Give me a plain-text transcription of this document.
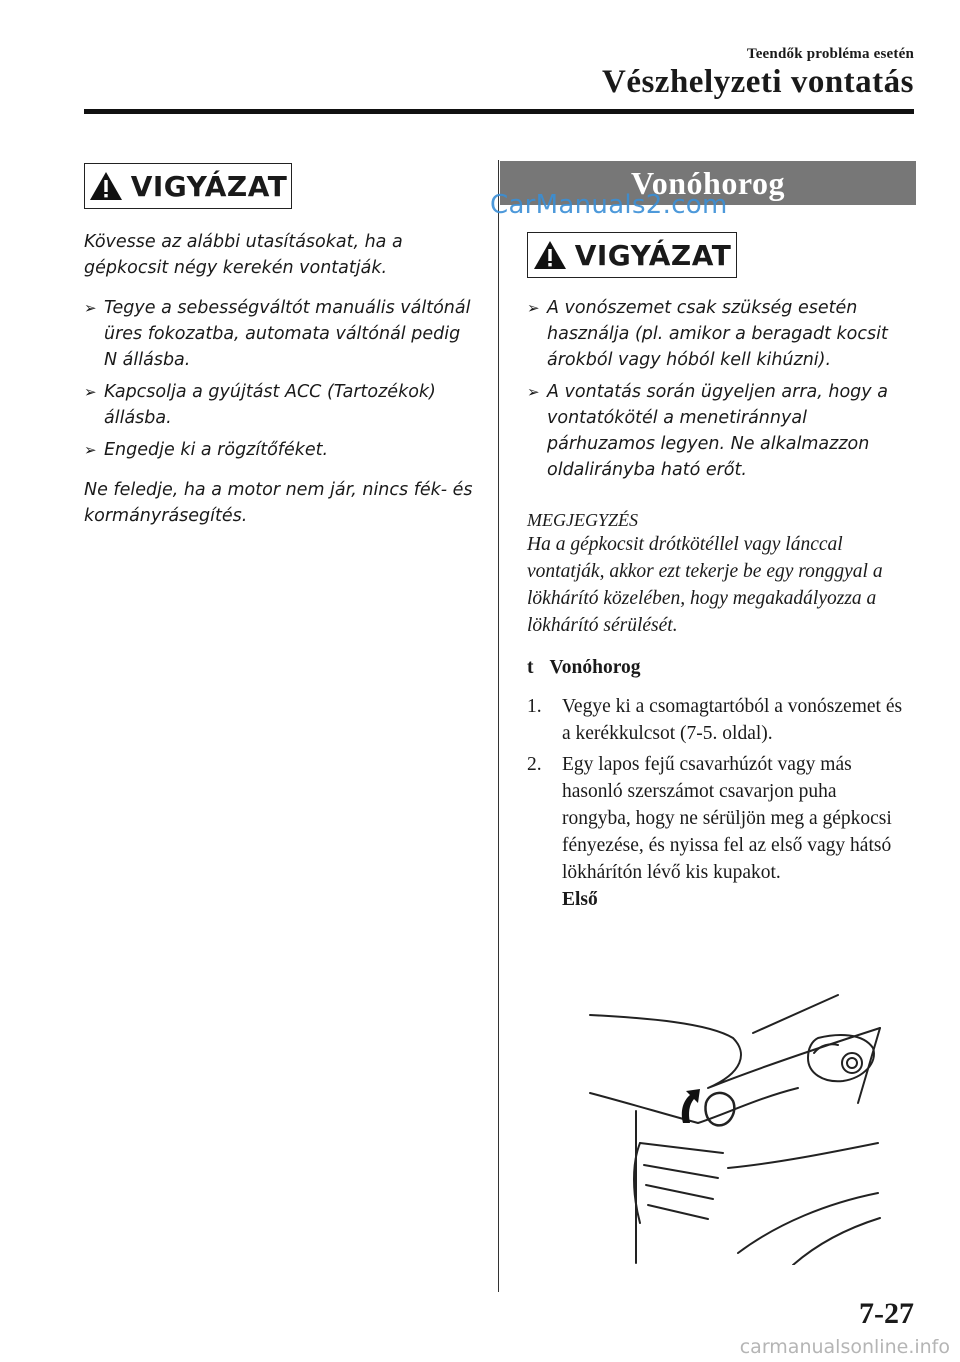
Teendők probléma esetén
Vészhelyzeti vontatás
VIGYÁZAT

Kövesse az alábbi utasításokat, ha a gépkocsit négy kerekén vontatják.

➢ Tegye a sebességváltót manuális váltónál üres fokozatba, automata váltónál pedig N állásba.
➢ Kapcsolja a gyújtást ACC (Tartozékok) állásba.
➢ Engedje ki a rögzítőféket.

Ne feledje, ha a motor nem jár, nincs fék- és kormányrásegítés.

Vonóhorog
CarManuals2.com
VIGYÁZAT
➢ A vonószemet csak szükség esetén használja (pl. amikor a beragadt kocsit árokból vagy hóból kell kihúzni).
➢ A vontatás során ügyeljen arra, hogy a vontatókötél a menetiránnyal párhuzamos legyen. Ne alkalmazzon oldalirányba ható erőt.

MEGJEGYZÉS

Ha a gépkocsit drótkötéllel vagy lánccal vontatják, akkor ezt tekerje be egy ronggyal a lökhárító közelében, hogy megakadályozza a lökhárító sérülését.

t Vonóhorog

1. Vegye ki a csomagtartóból a vonószemet és a kerékkulcsot (7-5. oldal).
2. Egy lapos fejű csavarhúzót vagy más hasonló szerszámot csavarjon puha rongyba, hogy ne sérüljön meg a gépkocsi fényezése, és nyissa fel az első vagy hátsó lökhárítón lévő kis kupakot.
Első
7-27
carmanualsonline.info
